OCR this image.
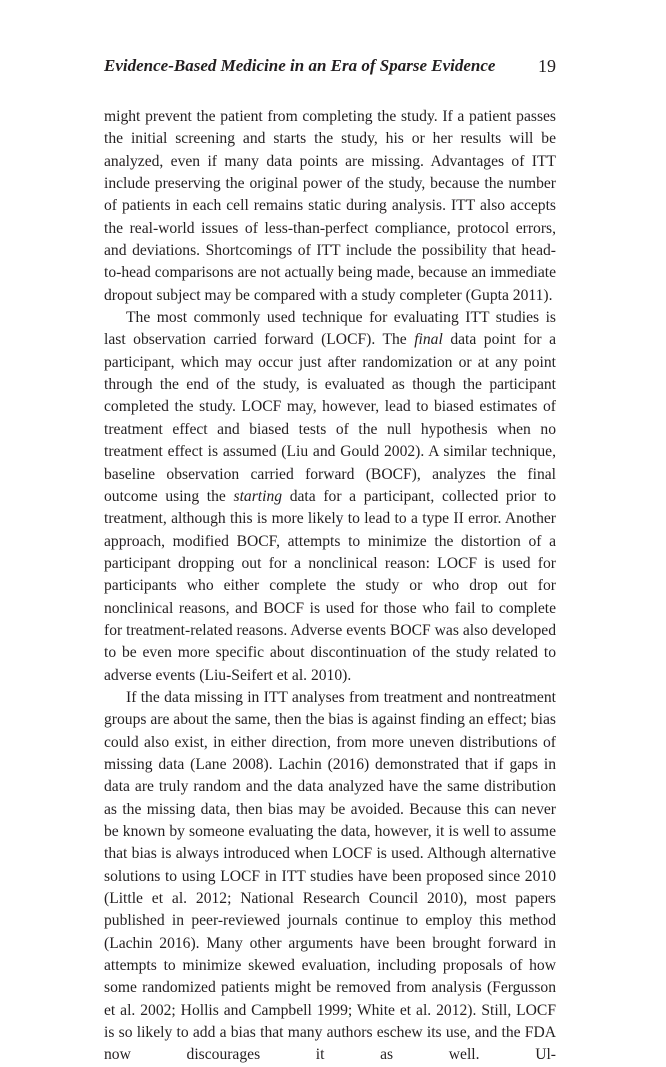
Evidence-Based Medicine in an Era of Sparse Evidence 19

might prevent the patient from completing the study. If a patient passes the initial screening and starts the study, his or her results will be analyzed, even if many data points are missing. Advantages of ITT include preserving the original power of the study, because the number of patients in each cell remains static during analysis. ITT also accepts the real-world issues of less-than-perfect compliance, protocol errors, and deviations. Shortcomings of ITT include the possibility that head-to-head comparisons are not actually being made, because an immediate dropout subject may be compared with a study completer (Gupta 2011).

The most commonly used technique for evaluating ITT studies is last observation carried forward (LOCF). The final data point for a participant, which may occur just after randomization or at any point through the end of the study, is evaluated as though the participant completed the study. LOCF may, however, lead to biased estimates of treatment effect and biased tests of the null hypothesis when no treatment effect is assumed (Liu and Gould 2002). A similar technique, baseline observation carried forward (BOCF), analyzes the final outcome using the starting data for a participant, collected prior to treatment, although this is more likely to lead to a type II error. Another approach, modified BOCF, attempts to minimize the distortion of a participant dropping out for a nonclinical reason: LOCF is used for participants who either complete the study or who drop out for nonclinical reasons, and BOCF is used for those who fail to complete for treatment-related reasons. Adverse events BOCF was also developed to be even more specific about discontinuation of the study related to adverse events (Liu-Seifert et al. 2010).

If the data missing in ITT analyses from treatment and nontreatment groups are about the same, then the bias is against finding an effect; bias could also exist, in either direction, from more uneven distributions of missing data (Lane 2008). Lachin (2016) demonstrated that if gaps in data are truly random and the data analyzed have the same distribution as the missing data, then bias may be avoided. Because this can never be known by someone evaluating the data, however, it is well to assume that bias is always introduced when LOCF is used. Although alternative solutions to using LOCF in ITT studies have been proposed since 2010 (Little et al. 2012; National Research Council 2010), most papers published in peer-reviewed journals continue to employ this method (Lachin 2016). Many other arguments have been brought forward in attempts to minimize skewed evaluation, including proposals of how some randomized patients might be removed from analysis (Fergusson et al. 2002; Hollis and Campbell 1999; White et al. 2012). Still, LOCF is so likely to add a bias that many authors eschew its use, and the FDA now discourages it as well. Ul-
